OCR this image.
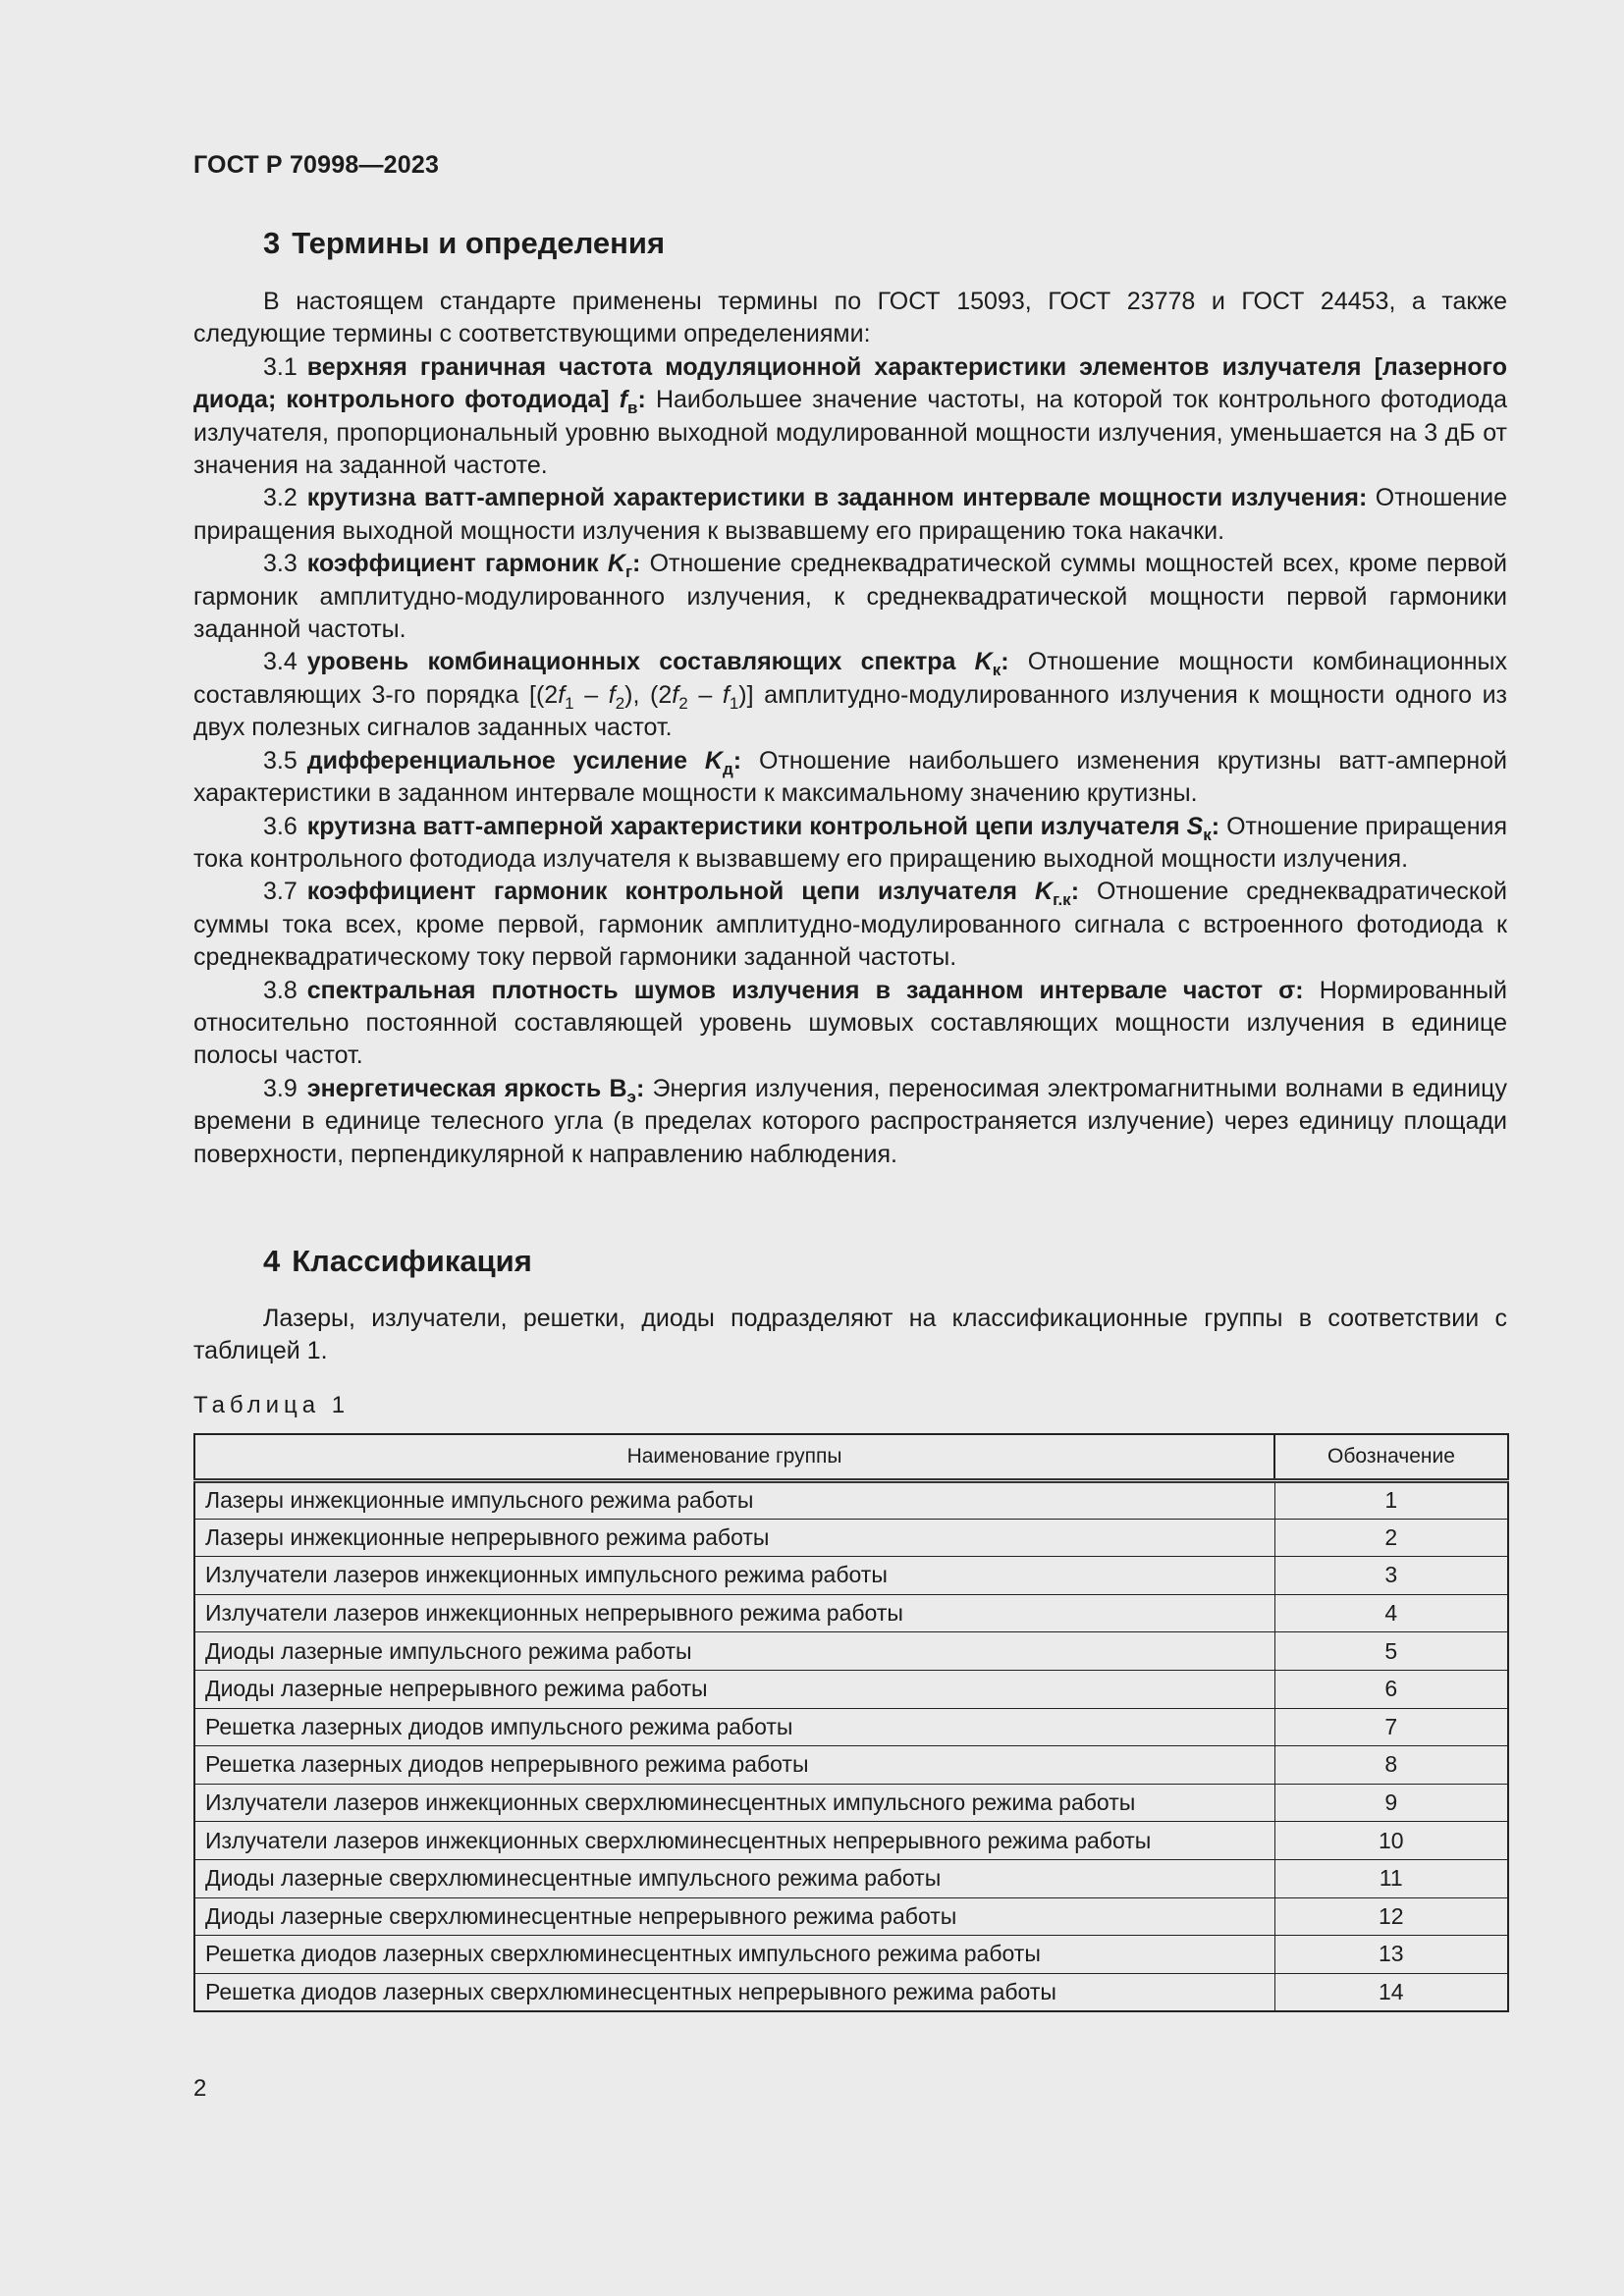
ГОСТ Р 70998—2023
3 Термины и определения

В настоящем стандарте применены термины по ГОСТ 15093, ГОСТ 23778 и ГОСТ 24453, а также следующие термины с соответствующими определениями:

3.1 верхняя граничная частота модуляционной характеристики элементов излучателя [лазерного диода; контрольного фотодиода] $f_в$: Наибольшее значение частоты, на которой ток контрольного фотодиода излучателя, пропорциональный уровню выходной модулированной мощности излучения, уменьшается на 3 дБ от значения на заданной частоте.

3.2 крутизна ватт-амперной характеристики в заданном интервале мощности излучения: Отношение приращения выходной мощности излучения к вызвавшему его приращению тока накачки.

3.3 коэффициент гармоник $K_г$: Отношение среднеквадратической суммы мощностей всех, кроме первой гармоник амплитудно-модулированного излучения, к среднеквадратической мощности первой гармоники заданной частоты.

3.4 уровень комбинационных составляющих спектра $K_к$: Отношение мощности комбинационных составляющих 3-го порядка [$(2f_1 - f_2)$, $(2f_2 - f_1)$] амплитудно-модулированного излучения к мощности одного из двух полезных сигналов заданных частот.

3.5 дифференциальное усиление $K_д$: Отношение наибольшего изменения крутизны ватт-амперной характеристики в заданном интервале мощности к максимальному значению крутизны.

3.6 крутизна ватт-амперной характеристики контрольной цепи излучателя $S_к$: Отношение приращения тока контрольного фотодиода излучателя к вызвавшему его приращению выходной мощности излучения.

3.7 коэффициент гармоник контрольной цепи излучателя $K_{г.к}$: Отношение среднеквадратической суммы тока всех, кроме первой, гармоник амплитудно-модулированного сигнала с встроенного фотодиода к среднеквадратическому току первой гармоники заданной частоты.

3.8 спектральная плотность шумов излучения в заданном интервале частот σ: Нормированный относительно постоянной составляющей уровень шумовых составляющих мощности излучения в единице полосы частот.

3.9 энергетическая яркость $В_э$: Энергия излучения, переносимая электромагнитными волнами в единицу времени в единице телесного угла (в пределах которого распространяется излучение) через единицу площади поверхности, перпендикулярной к направлению наблюдения.

4 Классификация

Лазеры, излучатели, решетки, диоды подразделяют на классификационные группы в соответствии с таблицей 1.

Таблица 1
Наименование группы	Обозначение
Лазеры инжекционные импульсного режима работы	1
Лазеры инжекционные непрерывного режима работы	2
Излучатели лазеров инжекционных импульсного режима работы	3
Излучатели лазеров инжекционных непрерывного режима работы	4
Диоды лазерные импульсного режима работы	5
Диоды лазерные непрерывного режима работы	6
Решетка лазерных диодов импульсного режима работы	7
Решетка лазерных диодов непрерывного режима работы	8
Излучатели лазеров инжекционных сверхлюминесцентных импульсного режима работы	9
Излучатели лазеров инжекционных сверхлюминесцентных непрерывного режима работы	10
Диоды лазерные сверхлюминесцентные импульсного режима работы	11
Диоды лазерные сверхлюминесцентные непрерывного режима работы	12
Решетка диодов лазерных сверхлюминесцентных импульсного режима работы	13
Решетка диодов лазерных сверхлюминесцентных непрерывного режима работы	14
2
